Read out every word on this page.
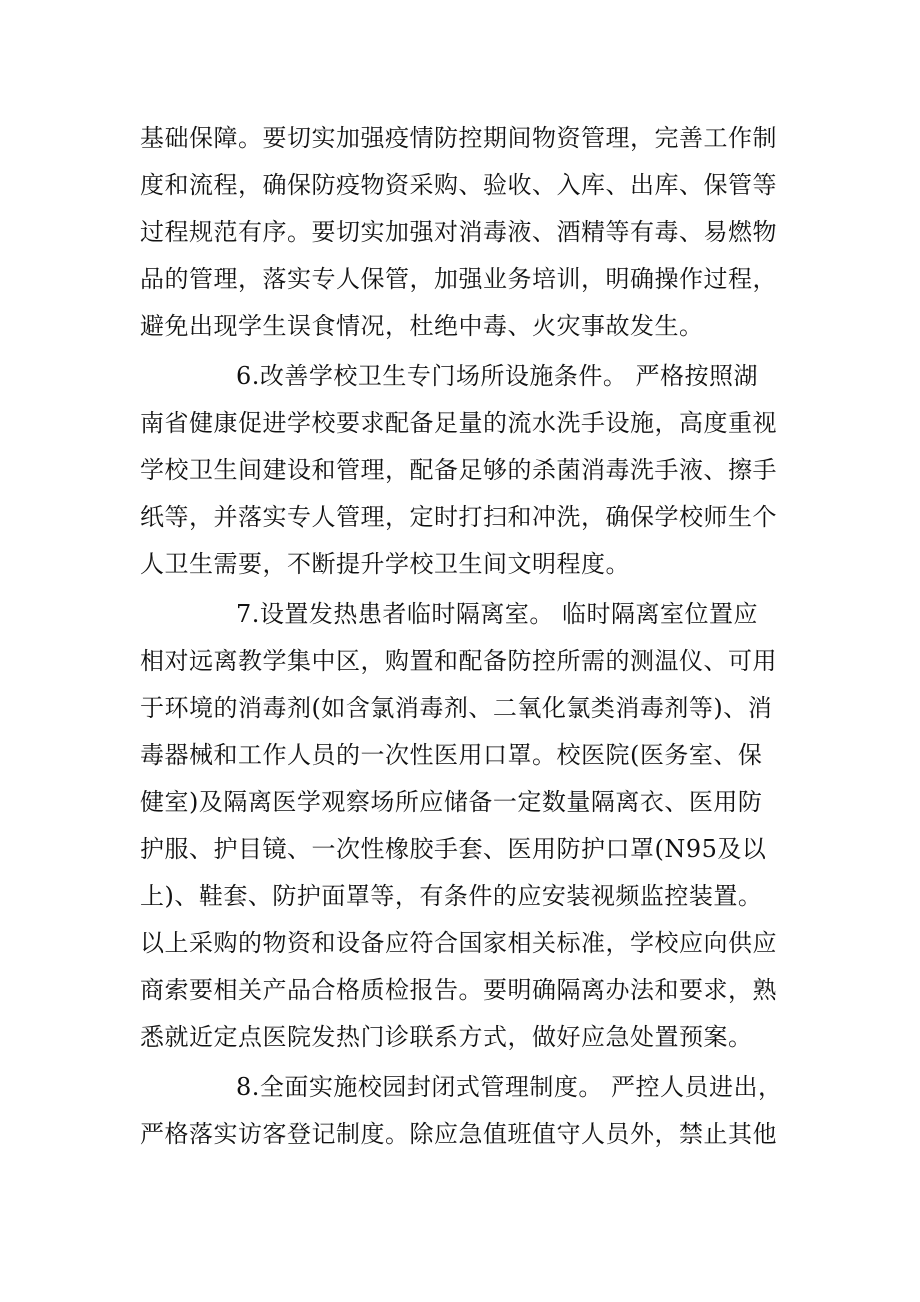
基础保障。要切实加强疫情防控期间物资管理，完善工作制
度和流程，确保防疫物资采购、验收、入库、出库、保管等
过程规范有序。要切实加强对消毒液、酒精等有毒、易燃物
品的管理，落实专人保管，加强业务培训，明确操作过程，
避免出现学生误食情况，杜绝中毒、火灾事故发生。
6.改善学校卫生专门场所设施条件。 严格按照湖
南省健康促进学校要求配备足量的流水洗手设施，高度重视
学校卫生间建设和管理，配备足够的杀菌消毒洗手液、擦手
纸等，并落实专人管理，定时打扫和冲洗，确保学校师生个
人卫生需要，不断提升学校卫生间文明程度。
7.设置发热患者临时隔离室。 临时隔离室位置应
相对远离教学集中区，购置和配备防控所需的测温仪、可用
于环境的消毒剂(如含氯消毒剂、二氧化氯类消毒剂等)、消
毒器械和工作人员的一次性医用口罩。校医院(医务室、保
健室)及隔离医学观察场所应储备一定数量隔离衣、医用防
护服、护目镜、一次性橡胶手套、医用防护口罩(N95及以
上)、鞋套、防护面罩等，有条件的应安装视频监控装置。
以上采购的物资和设备应符合国家相关标准，学校应向供应
商索要相关产品合格质检报告。要明确隔离办法和要求，熟
悉就近定点医院发热门诊联系方式，做好应急处置预案。
8.全面实施校园封闭式管理制度。 严控人员进出，
严格落实访客登记制度。除应急值班值守人员外，禁止其他
